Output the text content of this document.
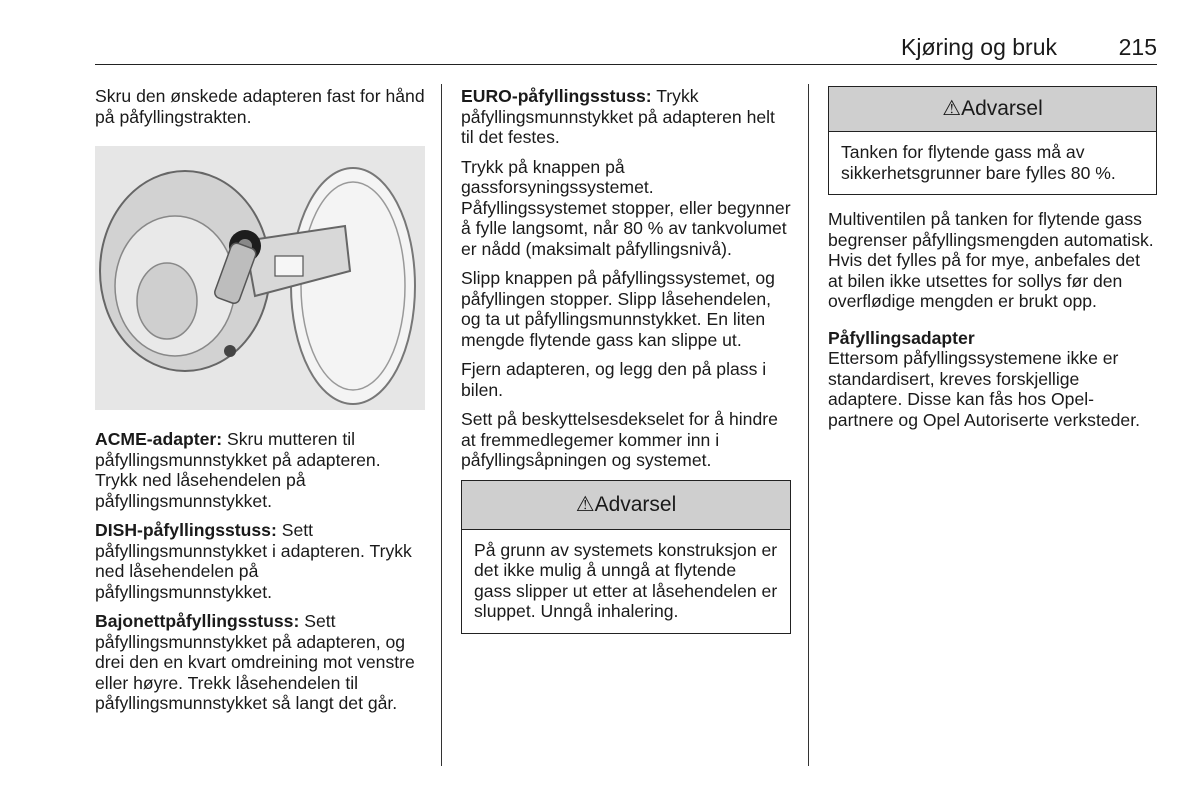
Kjøring og bruk	215

Skru den ønskede adapteren fast for hånd på påfyllingstrakten.

ACME-adapter: Skru mutteren til påfyllingsmunnstykket på adapteren. Trykk ned låsehendelen på påfyllingsmunnstykket.

DISH-påfyllingsstuss: Sett påfyllingsmunnstykket i adapteren. Trykk ned låsehendelen på påfyllingsmunnstykket.

Bajonettpåfyllingsstuss: Sett påfyllingsmunnstykket på adapteren, og drei den en kvart omdreining mot venstre eller høyre. Trekk låsehendelen til påfyllingsmunnstykket så langt det går.

EURO-påfyllingsstuss: Trykk påfyllingsmunnstykket på adapteren helt til det festes.

Trykk på knappen på gassforsyningssystemet. Påfyllingssystemet stopper, eller begynner å fylle langsomt, når 80 % av tankvolumet er nådd (maksimalt påfyllingsnivå).

Slipp knappen på påfyllingssystemet, og påfyllingen stopper. Slipp låsehendelen, og ta ut påfyllingsmunnstykket. En liten mengde flytende gass kan slippe ut.

Fjern adapteren, og legg den på plass i bilen.

Sett på beskyttelsesdekselet for å hindre at fremmedlegemer kommer inn i påfyllingsåpningen og systemet.

⚠Advarsel
På grunn av systemets konstruksjon er det ikke mulig å unngå at flytende gass slipper ut etter at låsehendelen er sluppet. Unngå inhalering.
⚠Advarsel
Tanken for flytende gass må av sikkerhetsgrunner bare fylles 80 %.

Multiventilen på tanken for flytende gass begrenser påfyllingsmengden automatisk. Hvis det fylles på for mye, anbefales det at bilen ikke utsettes for sollys før den overflødige mengden er brukt opp.

Påfyllingsadapter

Ettersom påfyllingssystemene ikke er standardisert, kreves forskjellige adaptere. Disse kan fås hos Opel-partnere og Opel Autoriserte verksteder.
